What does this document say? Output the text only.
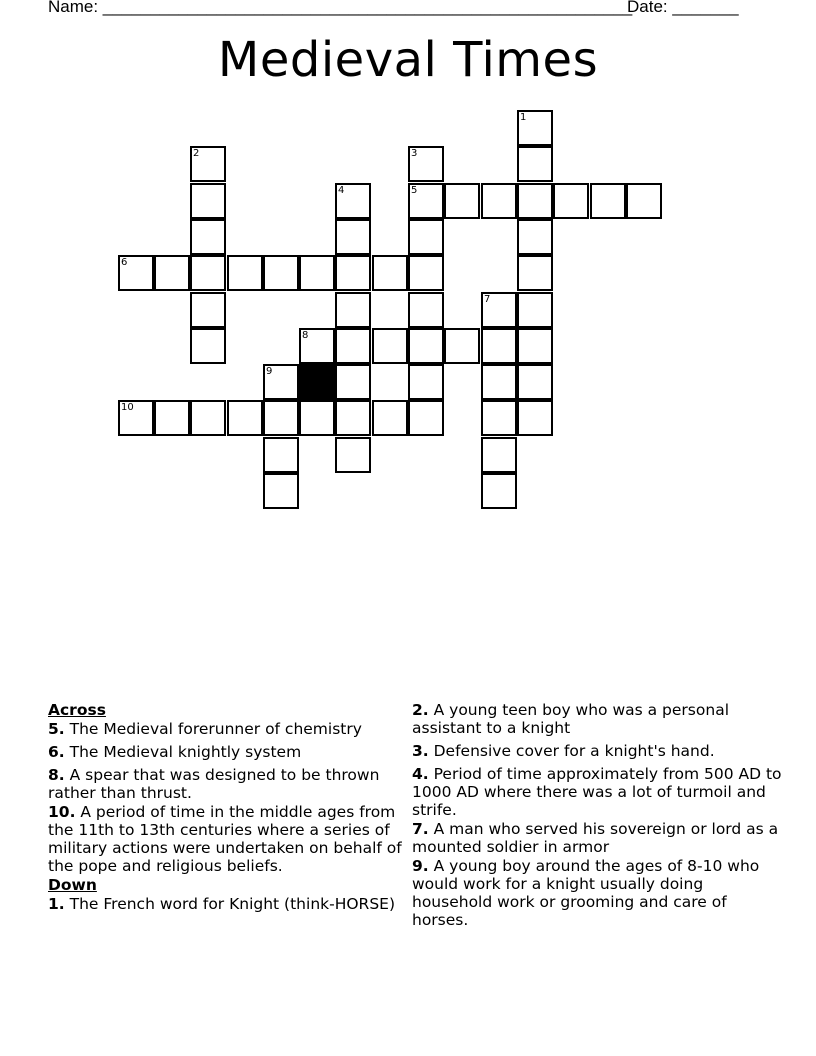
Name: ________________________________________________________
Date: _______
Medieval Times
1
2	3
4	5
6
7
8
9
10
Across
5. The Medieval forerunner of chemistry
6. The Medieval knightly system
8. A spear that was designed to be thrown rather than thrust.
10. A period of time in the middle ages from the 11th to 13th centuries where a series of military actions were undertaken on behalf of the pope and religious beliefs.
Down
1. The French word for Knight (think-HORSE)
2. A young teen boy who was a personal assistant to a knight
3. Defensive cover for a knight's hand.
4. Period of time approximately from 500 AD to 1000 AD where there was a lot of turmoil and strife.
7. A man who served his sovereign or lord as a mounted soldier in armor
9. A young boy around the ages of 8-10 who would work for a knight usually doing household work or grooming and care of horses.
